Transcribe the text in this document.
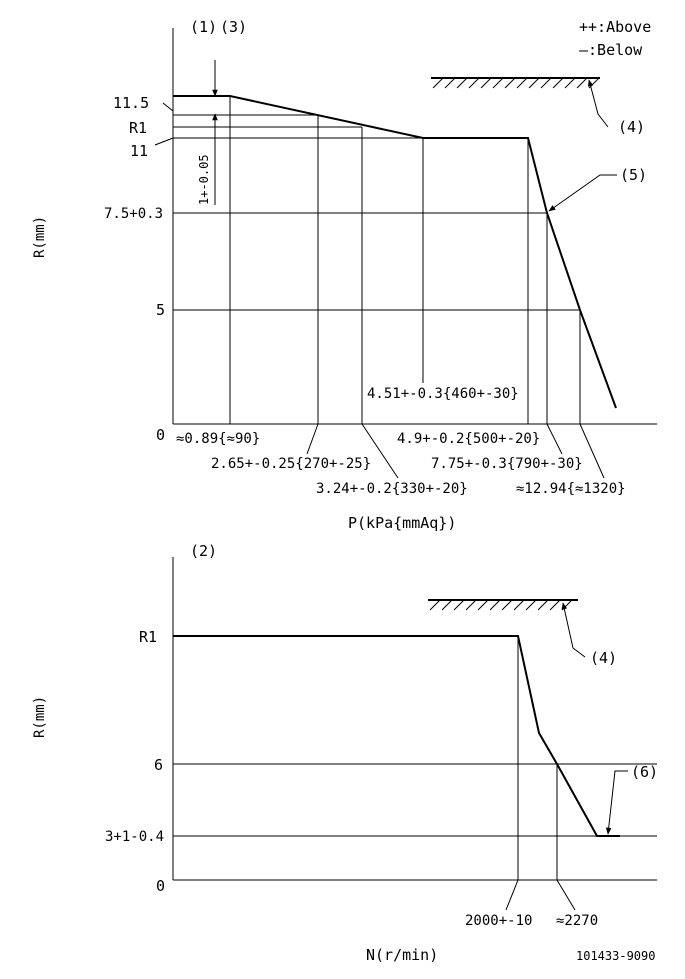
++:Above
—:Below
(1) (3)
1+-0.05
(4)
(5)
11.5
R1
11
7.5+0.3
5
0 ≈0.89{≈90}
2.65+-0.25{270+-25}
3.24+-0.2{330+-20}
4.51+-0.3{460+-30}
4.9+-0.2{500+-20}
7.75+-0.3{790+-30}
≈12.94{≈1320}
R(mm)
P(kPa{mmAq})
(2)
(4)
(6)
R1
6
3+1-0.4
0
2000+-10 ≈2270
R(mm)
N(r/min)	101433-9090
